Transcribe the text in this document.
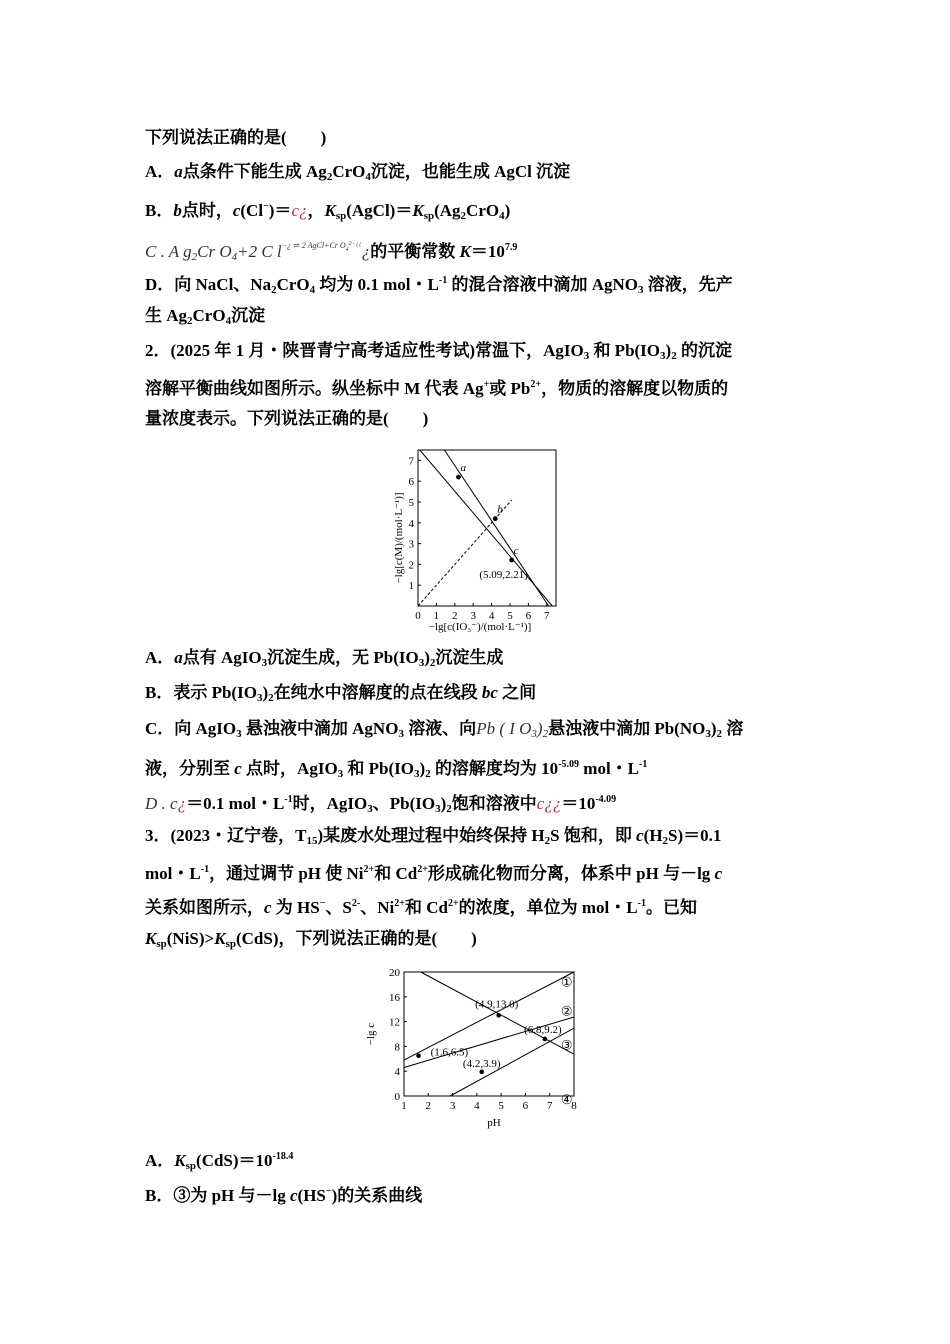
下列说法正确的是(　　)
A．a点条件下能生成 $Ag_2CrO_4$沉淀，也能生成 AgCl 沉淀
B．b点时，c(Cl−)＝c¿，$K_{sp}(AgCl)=K_{sp}(Ag_2CrO_4)$
C . A $g_2Cr$ $O_4+2$ C $l^{-¿ \rightleftharpoons 2 AgCl+Cr O42-¿¿}¿$的平衡常数 $K=10^{7.9}$
D．向 NaCl、$Na_2CrO_4$ 均为 0.1 mol・$L^{-1}$ 的混合溶液中滴加 AgNO$_3$ 溶液，先产
生 $Ag_2CrO_4$沉淀
2．(2025 年 1 月・陕晋青宁高考适应性考试)常温下，AgIO$_3$ 和 $Pb(IO_3)_2$ 的沉淀
溶解平衡曲线如图所示。纵坐标中 M 代表 Ag+或 $Pb^{2+}$，物质的溶解度以物质的
量浓度表示。下列说法正确的是(　　)
0 1 2 3 4 5 6 7
1
2
3
4
5
6
7
a
b
c
(5.09,2.21)
−lg[c(M)/(mol·L⁻¹)]
−lg[c(IO₃⁻)/(mol·L⁻¹)]
A．a点有 AgIO$_3$沉淀生成，无 $Pb(IO_3)_2$沉淀生成
B．表示 $Pb(IO_3)_2$在纯水中溶解度的点在线段 bc 之间
C．向 AgIO$_3$ 悬浊液中滴加 AgNO$_3$ 溶液、向Pb ( I $O_3)_2$悬浊液中滴加 $Pb(NO_3)_2$ 溶
液，分别至 c 点时，AgIO$_3$ 和 $Pb(IO_3)_2$ 的溶解度均为 $10^{-5.09}$ mol・$L^{-1}$
D . c¿＝0.1 mol・$L^{-1}$时，AgIO$_3$、$Pb(IO_3)_2$饱和溶液中$c¿¿=10^{-4.09}$
3．(2023・辽宁卷，$T_{15}$)某废水处理过程中始终保持 $H_2S$ 饱和，即 $c(H_2S)=0.1$
mol・$L^{-1}$，通过调节 pH 使 $Ni^{2+}$和 $Cd^{2+}$形成硫化物而分离，体系中 pH 与－lg c
关系如图所示，c 为 HS−、$S^{2-}$、$Ni^{2+}$和 $Cd^{2+}$的浓度，单位为 mol・$L^{-1}$。已知
$K_{sp}(NiS)>K_{sp}(CdS)$，下列说法正确的是(　　)
1 2 3 4 5 6 7 8
0
4
8
12
16
20
(4.9,13.0)
(6.8,9.2)
(1.6,6.5)
(4.2,3.9)
①
②
③
④
−lg c
pH
A．$K_{sp}(CdS)=10^{-18.4}$
B．③为 pH 与－lg c(HS−)的关系曲线
